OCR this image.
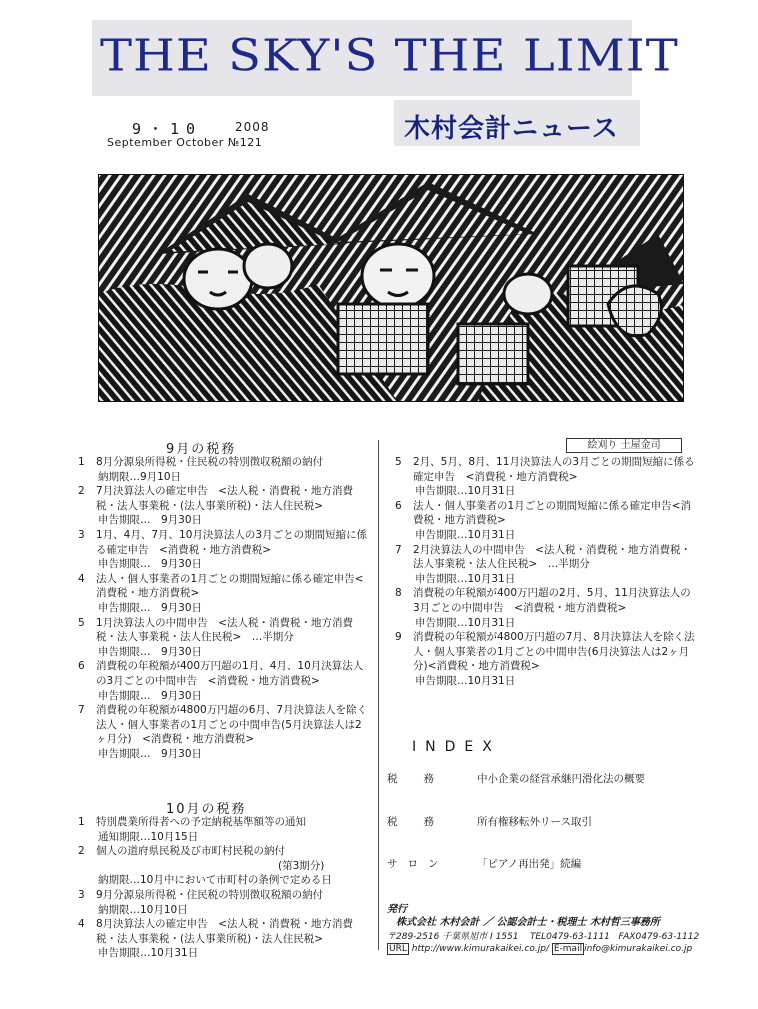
THE SKY'S THE LIMIT
木村会計ニュース
9・10	2008
September October №121
9月の税務
1 8月分源泉所得税・住民税の特別徴収税額の納付
納期限…9月10日
2 7月決算法人の確定申告　<法人税・消費税・地方消費税・法人事業税・(法人事業所税)・法人住民税>
申告期限…　9月30日
3 1月、4月、7月、10月決算法人の3月ごとの期間短縮に係る確定申告　<消費税・地方消費税>
申告期限…　9月30日
4 法人・個人事業者の1月ごとの期間短縮に係る確定申告<消費税・地方消費税>
申告期限…　9月30日
5 1月決算法人の中間申告　<法人税・消費税・地方消費税・法人事業税・法人住民税>　…半期分
申告期限…　9月30日
6 消費税の年税額が400万円超の1月、4月、10月決算法人の3月ごとの中間申告　<消費税・地方消費税>
申告期限…　9月30日
7 消費税の年税額が4800万円超の6月、7月決算法人を除く法人・個人事業者の1月ごとの中間申告(5月決算法人は2ヶ月分)　<消費税・地方消費税>
申告期限…　9月30日
10月の税務
1 特別農業所得者への予定納税基準額等の通知
通知期限…10月15日
2 個人の道府県民税及び市町村民税の納付
(第3期分)
納期限…10月中において市町村の条例で定める日
3 9月分源泉所得税・住民税の特別徴収税額の納付
納期限…10月10日
4 8月決算法人の確定申告　<法人税・消費税・地方消費税・法人事業税・(法人事業所税)・法人住民税>
申告期限…10月31日
絵刈り 土屋金司
5 2月、5月、8月、11月決算法人の3月ごとの期間短縮に係る確定申告　<消費税・地方消費税>
申告期限…10月31日
6 法人・個人事業者の1月ごとの期間短縮に係る確定申告<消費税・地方消費税>
申告期限…10月31日
7 2月決算法人の中間申告　<法人税・消費税・地方消費税・法人事業税・法人住民税>　…半期分
申告期限…10月31日
8 消費税の年税額が400万円超の2月、5月、11月決算法人の3月ごとの中間申告　<消費税・地方消費税>
申告期限…10月31日
9 消費税の年税額が4800万円超の7月、8月決算法人を除く法人・個人事業者の1月ごとの中間申告(6月決算法人は2ヶ月分)<消費税・地方消費税>
申告期限…10月31日
INDEX
税務 中小企業の経営承継円滑化法の概要
税務 所有権移転外リース取引
サロン	「ピアノ再出発」続編
発行
株式会社 木村会計 ／ 公認会計士・税理士 木村哲三事務所
〒289-2516 千葉県旭市 I 1551 TEL0479-63-1111 FAX0479-63-1112
URL http://www.kimurakaikei.co.jp/ E-mail info@kimurakaikei.co.jp
